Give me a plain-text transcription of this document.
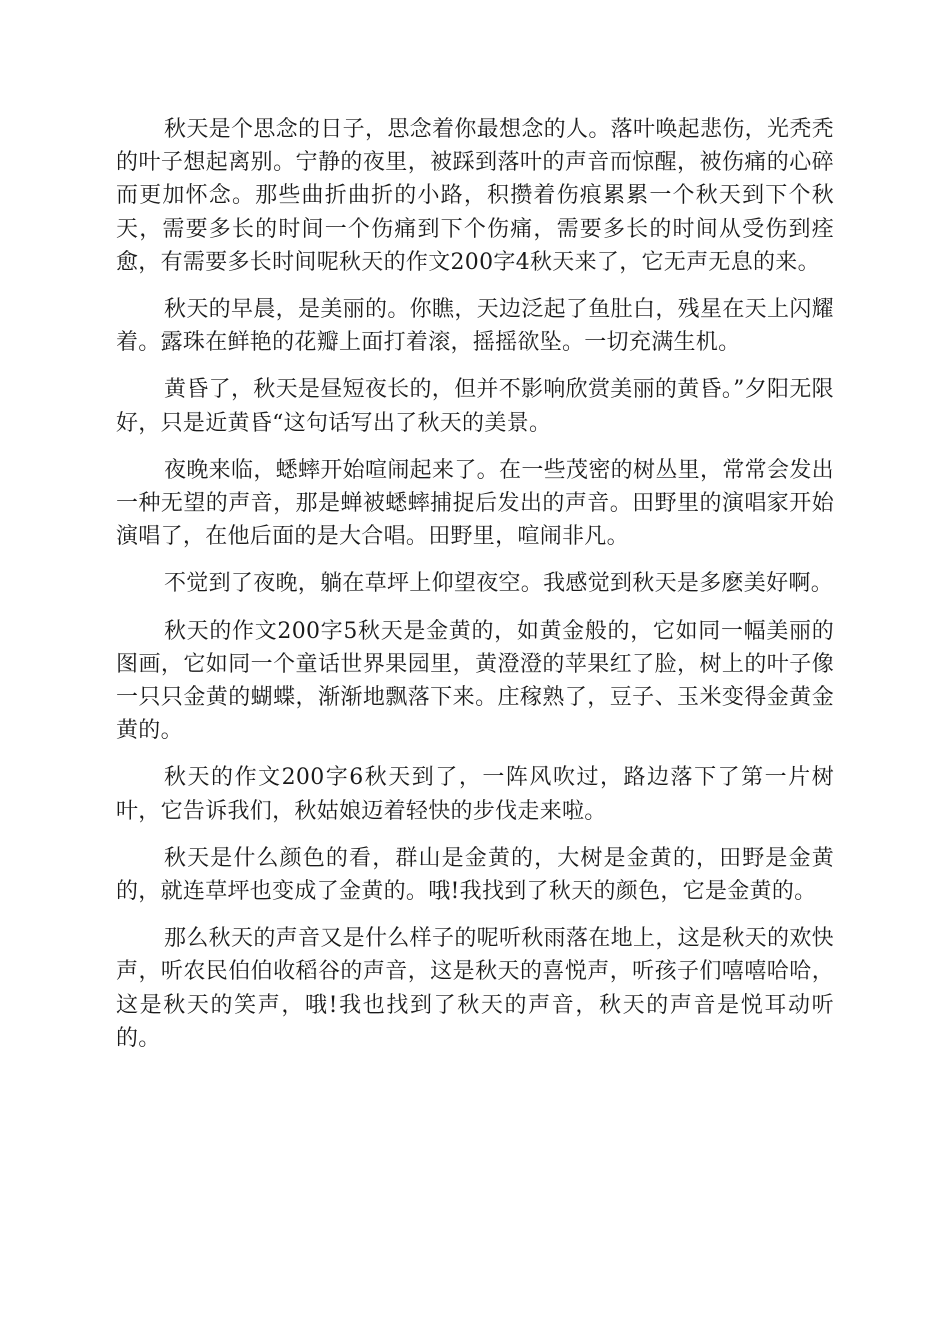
秋天是个思念的日子，思念着你最想念的人。落叶唤起悲伤，光秃秃的叶子想起离别。宁静的夜里，被踩到落叶的声音而惊醒，被伤痛的心碎而更加怀念。那些曲折曲折的小路，积攒着伤痕累累一个秋天到下个秋天，需要多长的时间一个伤痛到下个伤痛，需要多长的时间从受伤到痊愈，有需要多长时间呢秋天的作文200字4秋天来了，它无声无息的来。

秋天的早晨，是美丽的。你瞧，天边泛起了鱼肚白，残星在天上闪耀着。露珠在鲜艳的花瓣上面打着滚，摇摇欲坠。一切充满生机。

黄昏了，秋天是昼短夜长的，但并不影响欣赏美丽的黄昏。”夕阳无限好，只是近黄昏“这句话写出了秋天的美景。

夜晚来临，蟋蟀开始喧闹起来了。在一些茂密的树丛里，常常会发出一种无望的声音，那是蝉被蟋蟀捕捉后发出的声音。田野里的演唱家开始演唱了，在他后面的是大合唱。田野里，喧闹非凡。

不觉到了夜晚，躺在草坪上仰望夜空。我感觉到秋天是多麽美好啊。

秋天的作文200字5秋天是金黄的，如黄金般的，它如同一幅美丽的图画，它如同一个童话世界果园里，黄澄澄的苹果红了脸，树上的叶子像一只只金黄的蝴蝶，渐渐地飘落下来。庄稼熟了，豆子、玉米变得金黄金黄的。

秋天的作文200字6秋天到了，一阵风吹过，路边落下了第一片树叶，它告诉我们，秋姑娘迈着轻快的步伐走来啦。

秋天是什么颜色的看，群山是金黄的，大树是金黄的，田野是金黄的，就连草坪也变成了金黄的。哦!我找到了秋天的颜色，它是金黄的。

那么秋天的声音又是什么样子的呢听秋雨落在地上，这是秋天的欢快声，听农民伯伯收稻谷的声音，这是秋天的喜悦声，听孩子们嘻嘻哈哈，这是秋天的笑声，哦!我也找到了秋天的声音，秋天的声音是悦耳动听的。
